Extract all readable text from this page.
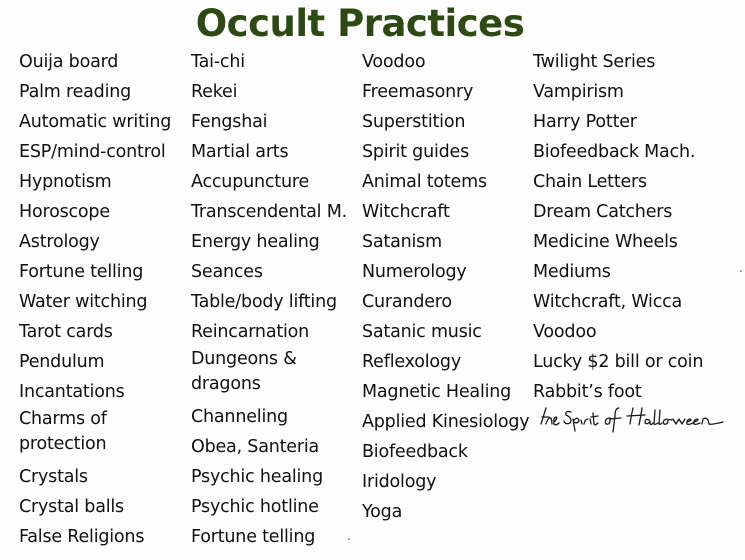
Occult Practices
Ouija board
Palm reading
Automatic writing
ESP/mind-control
Hypnotism
Horoscope
Astrology
Fortune telling
Water witching
Tarot cards
Pendulum
Incantations
Charms of protection
Crystals
Crystal balls
False Religions
Tai-chi
Rekei
Fengshai
Martial arts
Accupuncture
Transcendental M.
Energy healing
Seances
Table/body lifting
Reincarnation
Dungeons & dragons
Channeling
Obea, Santeria
Psychic healing
Psychic hotline
Fortune telling
Voodoo
Freemasonry
Superstition
Spirit guides
Animal totems
Witchcraft
Satanism
Numerology
Curandero
Satanic music
Reflexology
Magnetic Healing
Applied Kinesiology
Biofeedback
Iridology
Yoga
Twilight Series
Vampirism
Harry Potter
Biofeedback Mach.
Chain Letters
Dream Catchers
Medicine Wheels
Mediums
Witchcraft, Wicca
Voodoo
Lucky $2 bill or coin
Rabbit’s foot
